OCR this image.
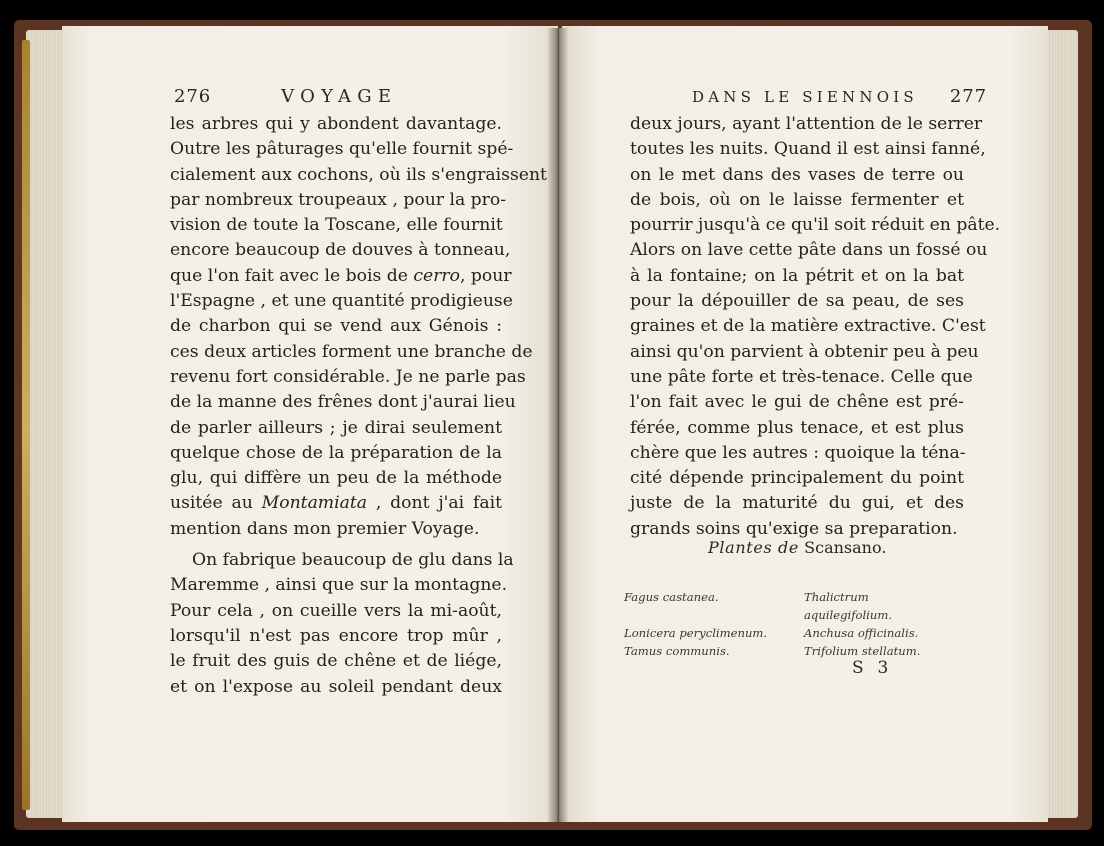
276	VOYAGE
les arbres qui y abondent davantage.
Outre les pâturages qu'elle fournit spé-
cialement aux cochons, où ils s'engraissent
par nombreux troupeaux , pour la pro-
vision de toute la Toscane, elle fournit
encore beaucoup de douves à tonneau,
que l'on fait avec le bois de cerro, pour
l'Espagne , et une quantité prodigieuse
de charbon qui se vend aux Génois :
ces deux articles forment une branche de
revenu fort considérable. Je ne parle pas
de la manne des frênes dont j'aurai lieu
de parler ailleurs ; je dirai seulement
quelque chose de la préparation de la
glu, qui diffère un peu de la méthode
usitée au Montamiata , dont j'ai fait
mention dans mon premier Voyage.
On fabrique beaucoup de glu dans la
Maremme , ainsi que sur la montagne.
Pour cela , on cueille vers la mi-août,
lorsqu'il n'est pas encore trop mûr ,
le fruit des guis de chêne et de liége,
et on l'expose au soleil pendant deux
DANS LE SIENNOIS 277
deux jours, ayant l'attention de le serrer
toutes les nuits. Quand il est ainsi fanné,
on le met dans des vases de terre ou
de bois, où on le laisse fermenter et
pourrir jusqu'à ce qu'il soit réduit en pâte.
Alors on lave cette pâte dans un fossé ou
à la fontaine; on la pétrit et on la bat
pour la dépouiller de sa peau, de ses
graines et de la matière extractive. C'est
ainsi qu'on parvient à obtenir peu à peu
une pâte forte et très-tenace. Celle que
l'on fait avec le gui de chêne est pré-
férée, comme plus tenace, et est plus
chère que les autres : quoique la téna-
cité dépende principalement du point
juste de la maturité du gui, et des
grands soins qu'exige sa preparation.
Plantes de Scansano.
Fagus castanea.	Thalictrum aquilegifolium.
Lonicera peryclimenum.	Anchusa officinalis.
Tamus communis.	Trifolium stellatum.
S 3
